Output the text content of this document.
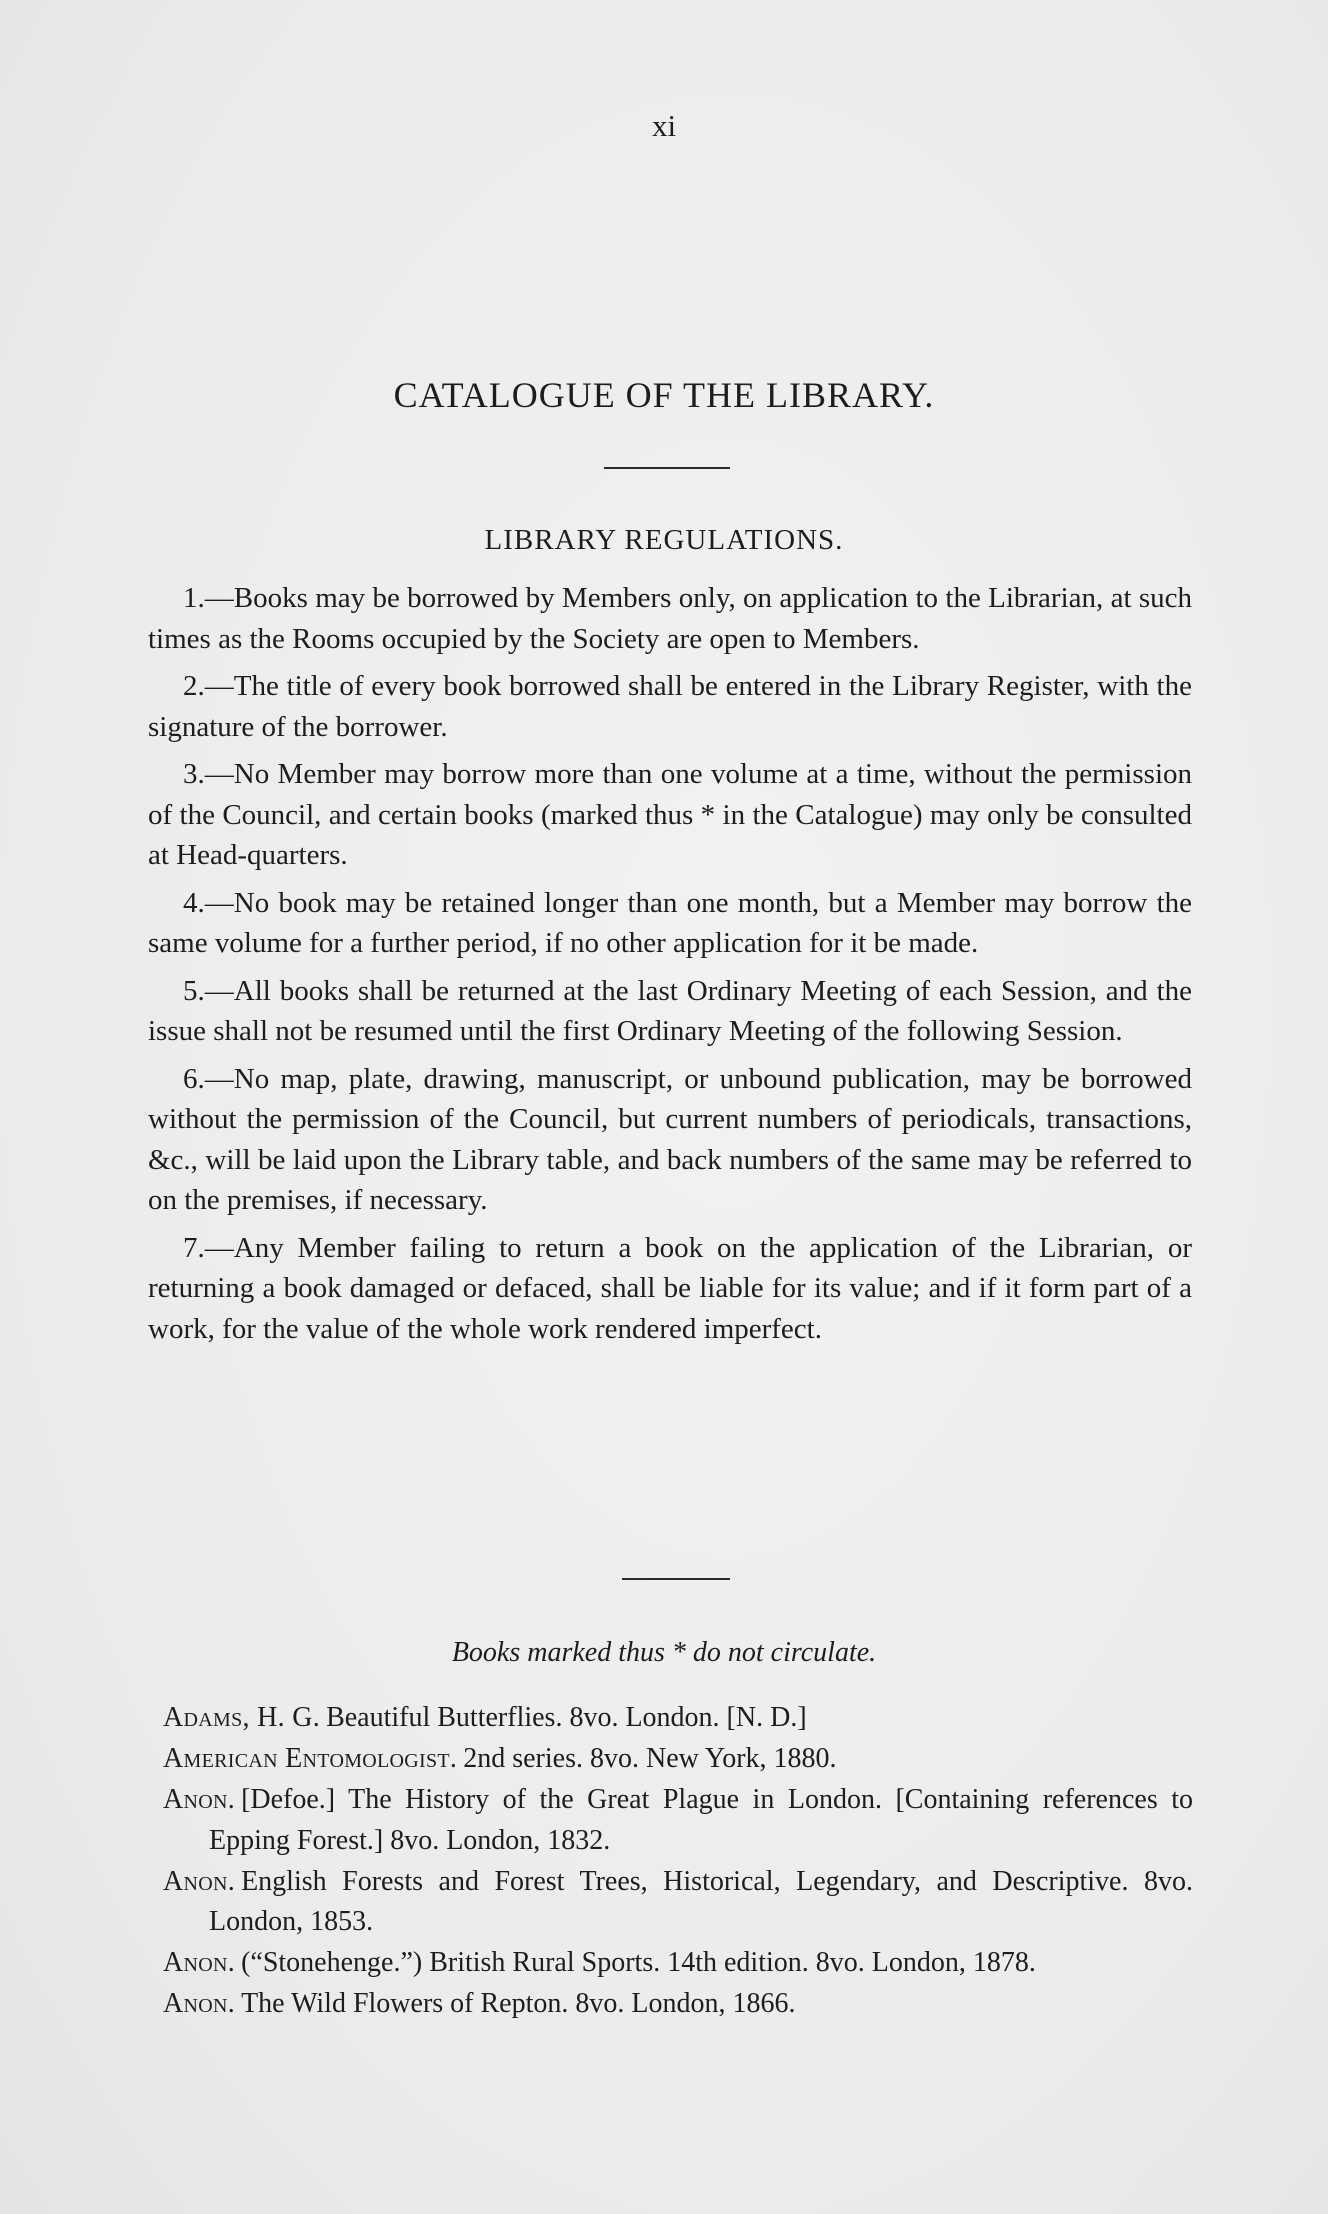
xi
CATALOGUE OF THE LIBRARY.
LIBRARY REGULATIONS.

1.—Books may be borrowed by Members only, on application to the Librarian, at such times as the Rooms occupied by the Society are open to Members.

2.—The title of every book borrowed shall be entered in the Library Register, with the signature of the borrower.

3.—No Member may borrow more than one volume at a time, without the permission of the Council, and certain books (marked thus * in the Catalogue) may only be consulted at Head-quarters.

4.—No book may be retained longer than one month, but a Member may borrow the same volume for a further period, if no other application for it be made.

5.—All books shall be returned at the last Ordinary Meeting of each Session, and the issue shall not be resumed until the first Ordinary Meeting of the following Session.

6.—No map, plate, drawing, manuscript, or unbound publication, may be borrowed without the permission of the Council, but current numbers of periodicals, transactions, &c., will be laid upon the Library table, and back numbers of the same may be referred to on the premises, if necessary.

7.—Any Member failing to return a book on the application of the Librarian, or returning a book damaged or defaced, shall be liable for its value; and if it form part of a work, for the value of the whole work rendered imperfect.

Books marked thus * do not circulate.

Adams, H. G. Beautiful Butterflies. 8vo. London. [N. D.]

American Entomologist. 2nd series. 8vo. New York, 1880.

Anon. [Defoe.] The History of the Great Plague in London. [Containing references to Epping Forest.] 8vo. London, 1832.

Anon. English Forests and Forest Trees, Historical, Legendary, and Descriptive. 8vo. London, 1853.

Anon. (“Stonehenge.”) British Rural Sports. 14th edition. 8vo. London, 1878.

Anon. The Wild Flowers of Repton. 8vo. London, 1866.
